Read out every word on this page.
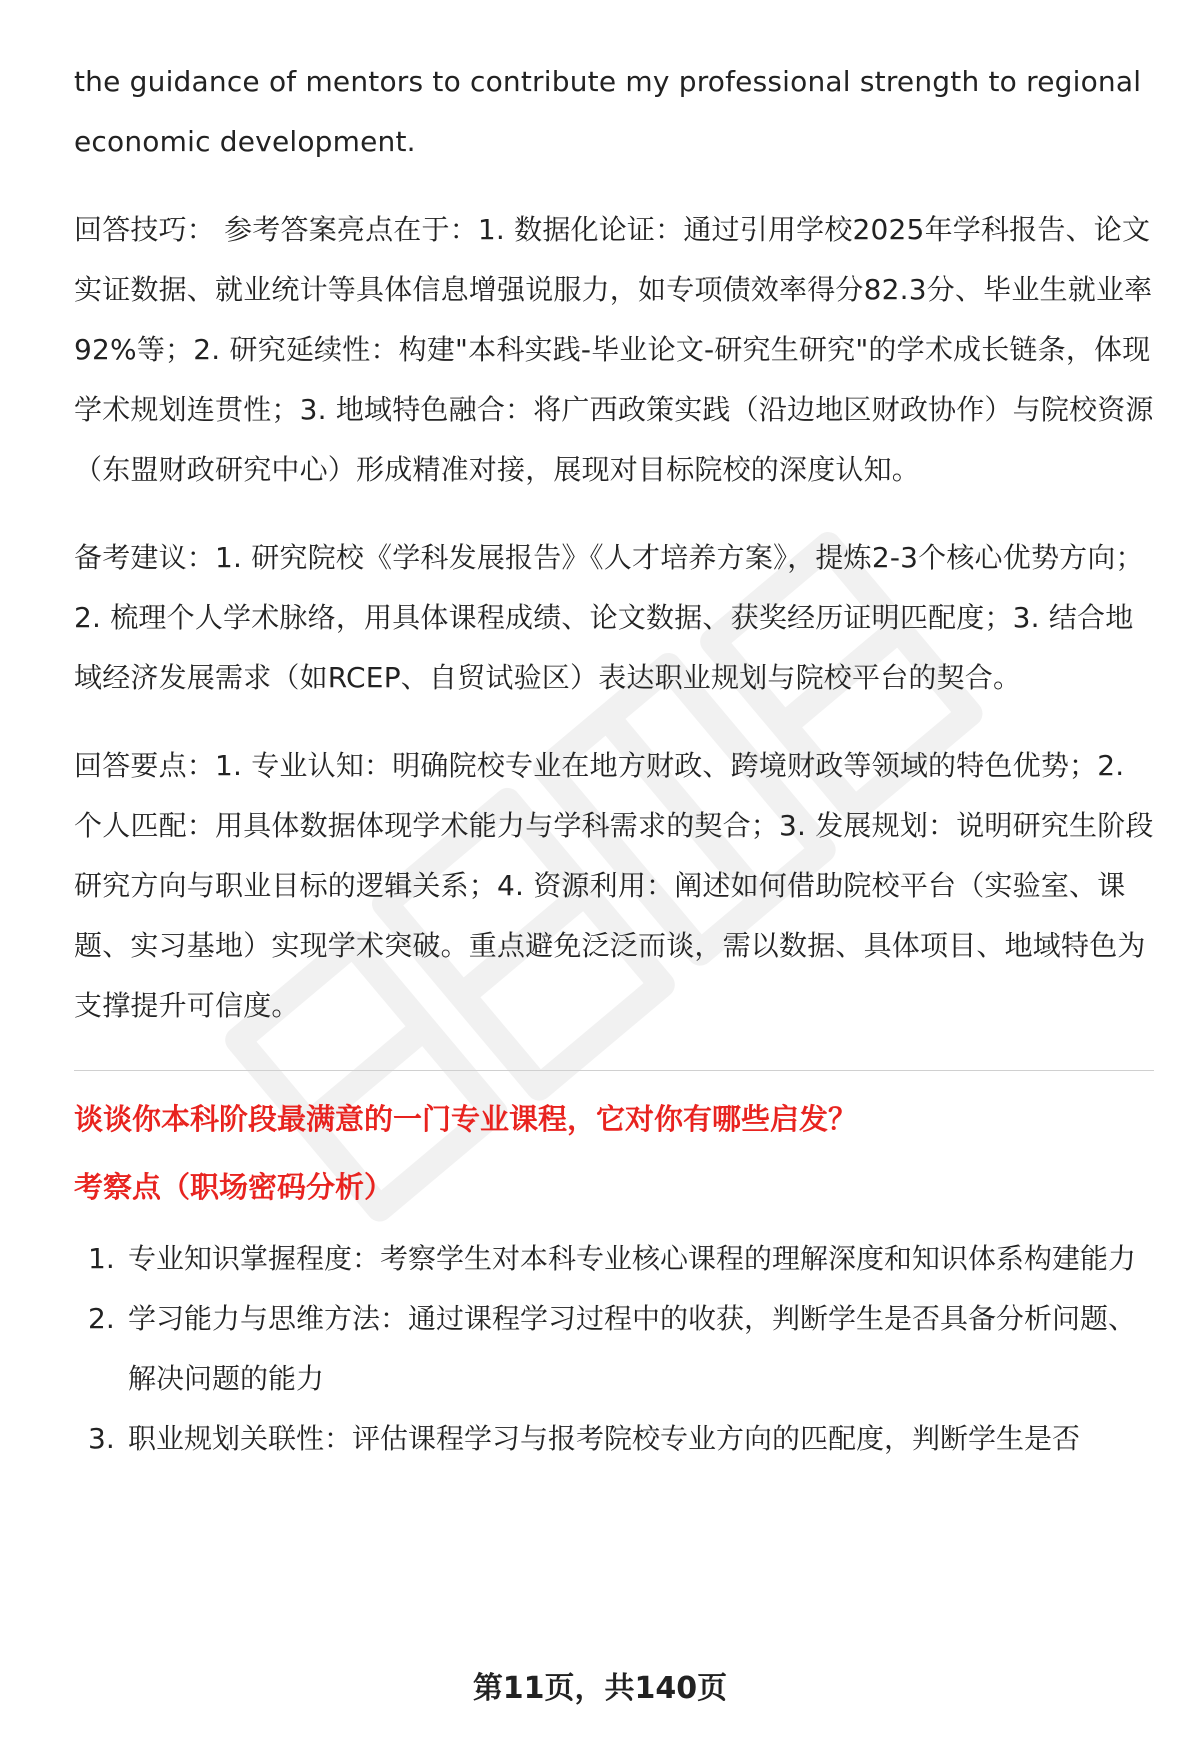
the guidance of mentors to contribute my professional strength to regional economic development.

回答技巧： 参考答案亮点在于：1. 数据化论证：通过引用学校2025年学科报告、论文实证数据、就业统计等具体信息增强说服力，如专项债效率得分82.3分、毕业生就业率92%等；2. 研究延续性：构建"本科实践-毕业论文-研究生研究"的学术成长链条，体现学术规划连贯性；3. 地域特色融合：将广西政策实践（沿边地区财政协作）与院校资源（东盟财政研究中心）形成精准对接，展现对目标院校的深度认知。

备考建议：1. 研究院校《学科发展报告》《人才培养方案》，提炼2-3个核心优势方向；2. 梳理个人学术脉络，用具体课程成绩、论文数据、获奖经历证明匹配度；3. 结合地域经济发展需求（如RCEP、自贸试验区）表达职业规划与院校平台的契合。

回答要点：1. 专业认知：明确院校专业在地方财政、跨境财政等领域的特色优势；2. 个人匹配：用具体数据体现学术能力与学科需求的契合；3. 发展规划：说明研究生阶段研究方向与职业目标的逻辑关系；4. 资源利用：阐述如何借助院校平台（实验室、课题、实习基地）实现学术突破。重点避免泛泛而谈，需以数据、具体项目、地域特色为支撑提升可信度。

谈谈你本科阶段最满意的一门专业课程，它对你有哪些启发？

考察点（职场密码分析）

1. 专业知识掌握程度：考察学生对本科专业核心课程的理解深度和知识体系构建能力
2. 学习能力与思维方法：通过课程学习过程中的收获，判断学生是否具备分析问题、解决问题的能力
3. 职业规划关联性：评估课程学习与报考院校专业方向的匹配度，判断学生是否
第11页，共140页
